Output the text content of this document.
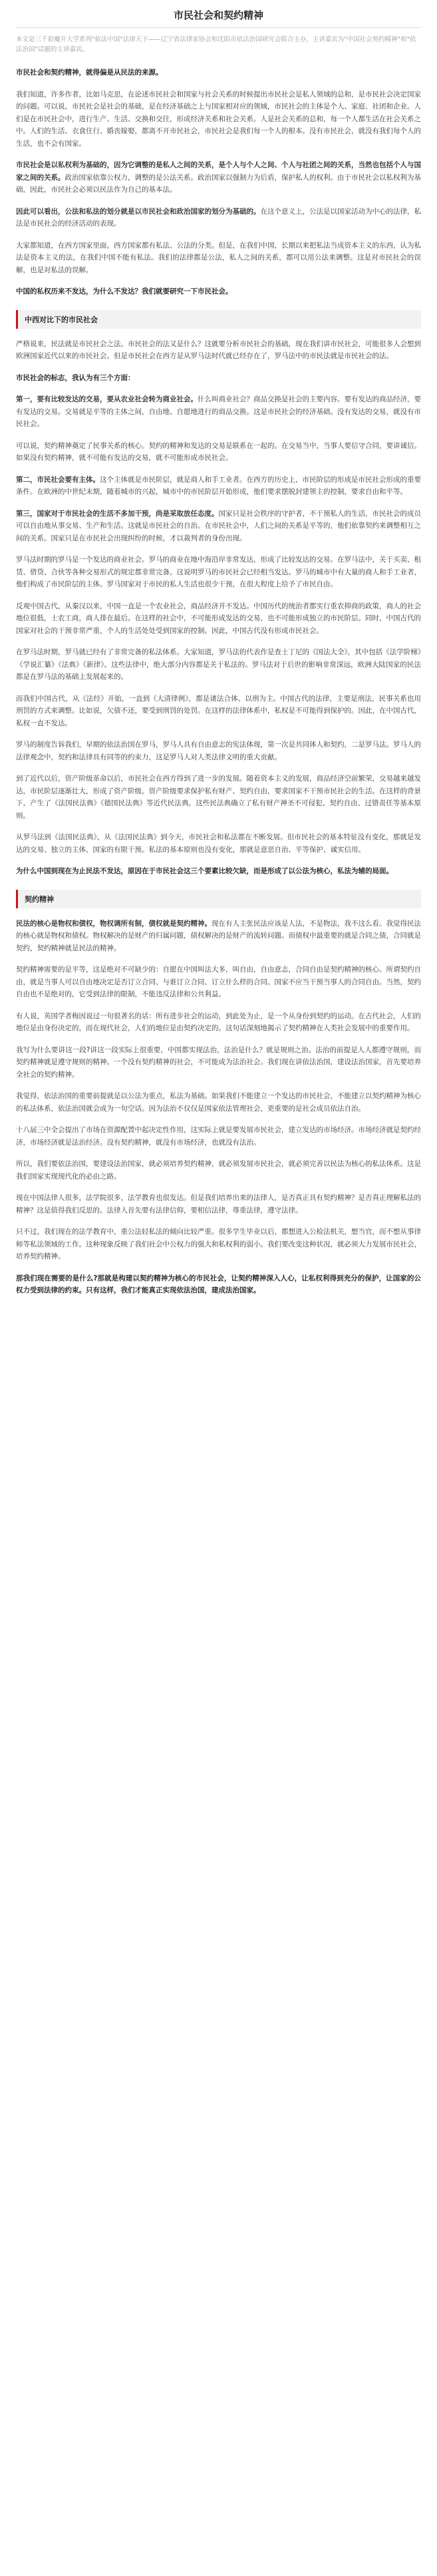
市民社会和契约精神
本文是三千彩魔开大学系列"依法中国"法律天下——辽宁省法律家协会和沈阳市依法治国研究会联合主办，主讲嘉宾为"中国社会契约精神"和"依法治国"话题的主讲嘉宾。

市民社会和契约精神，就得偏是从民法的来源。

我们知道，许多作者，比如马克思，在论述市民社会和国家与社会关系的时候提出市民社会是私人领域的总和，是市民社会决定国家的问题。可以说，市民社会是社会的基础，是在经济基础之上与国家相对应的领域，市民社会的主体是个人、家庭、社团和企业。人们是在市民社会中，进行生产、生活、交换和交往，形成经济关系和社会关系。人是社会关系的总和，每一个人都生活在社会关系之中。人们的生活、衣食住行、婚丧嫁娶，都离不开市民社会，市民社会是我们每一个人的根本。没有市民社会，就没有我们每个人的生活，也不会有国家。

市民社会是以私权利为基础的，因为它调整的是私人之间的关系，是个人与个人之间、个人与社团之间的关系，当然也包括个人与国家之间的关系。政治国家依靠公权力，调整的是公法关系。政治国家以强制力为后盾，保护私人的权利。由于市民社会以私权利为基础，因此，市民社会必须以民法作为自己的基本法。

因此可以看出，公法和私法的划分就是以市民社会和政治国家的划分为基础的。在这个意义上，公法是以国家活动为中心的法律，私法是市民社会的经济活动的表现。

大家都知道，在西方国家里面，西方国家都有私法、公法的分类。但是，在我们中国，长期以来把私法当成资本主义的东西，认为私法是资本主义的法，在我们中国不能有私法。我们的法律都是公法，私人之间的关系，都可以用公法来调整。这是对市民社会的误解，也是对私法的误解。

中国的私权历来不发达，为什么不发达？我们就要研究一下市民社会。

中西对比下的市民社会

严格说来，民法就是市民社会之法。市民社会的法又是什么？这就要分析市民社会的基础，现在我们讲市民社会，可能很多人会想到欧洲国家近代以来的市民社会。但是市民社会在西方是从罗马法时代就已经存在了，罗马法中的市民法就是市民社会的法。

市民社会的标志，我认为有三个方面：

第一，要有比较发达的交易，要从农业社会转为商业社会。什么叫商业社会？商品交换是社会的主要内容。要有发达的商品经济，要有发达的交易。交易就是平等的主体之间，自由地、自愿地进行的商品交换。这是市民社会的经济基础。没有发达的交易，就没有市民社会。

可以说，契约精神奠定了民事关系的核心。契约的精神和发达的交易是联系在一起的。在交易当中，当事人要信守合同，要讲诚信。如果没有契约精神，就不可能有发达的交易，就不可能形成市民社会。

第二，市民社会要有主体。这个主体就是市民阶层，就是商人和手工业者。在西方的历史上，市民阶层的形成是市民社会形成的重要条件。在欧洲的中世纪末期，随着城市的兴起，城市中的市民阶层开始形成，他们要求摆脱封建领主的控制，要求自由和平等。

第三，国家对于市民社会的生活不多加干预，尚是采取放任态度。国家只是社会秩序的守护者，不干预私人的生活，市民社会的成员可以自由地从事交易、生产和生活。这就是市民社会的自治。在市民社会中，人们之间的关系是平等的，他们依靠契约来调整相互之间的关系。国家只是在市民社会出现纠纷的时候，才以裁判者的身份出现。

罗马法时期的罗马是一个发达的商业社会。罗马的商业在地中海沿岸非常发达，形成了比较发达的交易。在罗马法中，关于买卖、租赁、借贷、合伙等各种交易形式的规定都非常完备。这说明罗马的市民社会已经相当发达。罗马的城市中有大量的商人和手工业者，他们构成了市民阶层的主体。罗马国家对于市民的私人生活也很少干预，在很大程度上给予了市民自由。

反观中国古代，从秦汉以来，中国一直是一个农业社会，商品经济并不发达。中国历代的统治者都实行重农抑商的政策，商人的社会地位很低，士农工商，商人排在最后。在这样的社会中，不可能形成发达的交易，也不可能形成独立的市民阶层。同时，中国古代的国家对社会的干预非常严重，个人的生活处处受到国家的控制。因此，中国古代没有形成市民社会。

在罗马法时期，罗马就已经有了非常完备的私法体系。大家知道，罗马法的代表作是查士丁尼的《国法大全》，其中包括《法学阶梯》《学说汇纂》《法典》《新律》。这些法律中，绝大部分内容都是关于私法的。罗马法对于后世的影响非常深远，欧洲大陆国家的民法都是在罗马法的基础上发展起来的。

而我们中国古代，从《法经》开始，一直到《大清律例》，都是诸法合体、以刑为主。中国古代的法律，主要是刑法，民事关系也用刑罚的方式来调整。比如说，欠债不还，要受到刑罚的处罚。在这样的法律体系中，私权是不可能得到保护的。因此，在中国古代，私权一直不发达。

罗马的制度告诉我们，早期的依法治国在罗马，罗马人具有自由意志的宪法体现，第一次是共同体人和契约，二是罗马法。罗马人的法律观念中，契约和法律具有同等的约束力，这是罗马人对人类法律文明的重大贡献。

到了近代以后，资产阶级革命以后，市民社会在西方得到了进一步的发展。随着资本主义的发展，商品经济空前繁荣，交易越来越发达，市民阶层逐渐壮大，形成了资产阶级。资产阶级要求保护私有财产、契约自由，要求国家不干预市民社会的生活。在这样的背景下，产生了《法国民法典》《德国民法典》等近代民法典，这些民法典确立了私有财产神圣不可侵犯、契约自由、过错责任等基本原则。

从罗马法到《法国民法典》，从《法国民法典》到今天，市民社会和私法都在不断发展。但市民社会的基本特征没有变化，那就是发达的交易、独立的主体、国家的有限干预。私法的基本原则也没有变化，那就是意思自治、平等保护、诚实信用。

为什么中国到现在为止民法不发达，原因在于市民社会这三个要素比较欠缺，而是形成了以公法为核心，私法为辅的局面。

契约精神

民法的核心是物权和债权，物权调所有制，债权就是契约精神。现在有人主张民法应该是人法，不是物法，我不这么看。我觉得民法的核心就是物权和债权。物权解决的是财产的归属问题，债权解决的是财产的流转问题。而债权中最重要的就是合同之债，合同就是契约，契约精神就是民法的精神。

契约精神需要的是平等，这是绝对不可缺少的：自愿在中国叫法大多，叫自由，自由意志，合同自由是契约精神的核心。所谓契约自由，就是当事人可以自由地决定是否订立合同、与谁订立合同、订立什么样的合同。国家不应当干预当事人的合同自由。当然，契约自由也不是绝对的，它受到法律的限制，不能违反法律和公共利益。

有人说，英国学者梅因说过一句很著名的话：所有进步社会的运动，到此处为止，是一个从身份到契约的运动。在古代社会，人们的地位是由身份决定的，而在现代社会，人们的地位是由契约决定的。这句话深刻地揭示了契约精神在人类社会发展中的重要作用。

我写为什么要讲这一段?讲这一段实际上很重要，中国都实现法治，法治是什么？就是规则之治。法治的前提是人人都遵守规则，而契约精神就是遵守规则的精神。一个没有契约精神的社会，不可能成为法治社会。我们现在讲依法治国，建设法治国家，首先要培养全社会的契约精神。

我觉得，依法治国的重要前提就是以公法为重点，私法为基础。如果我们不能建立一个发达的市民社会，不能建立以契约精神为核心的私法体系，依法治国就会成为一句空话。因为法治不仅仅是国家依法管理社会，更重要的是社会成员依法自治。

十八届三中全会提出了市场在资源配置中起决定性作用，这实际上就是要发展市民社会，建立发达的市场经济。市场经济就是契约经济，市场经济就是法治经济。没有契约精神，就没有市场经济，也就没有法治。

所以，我们要依法治国，要建设法治国家，就必须培养契约精神，就必须发展市民社会，就必须完善以民法为核心的私法体系。这是我们国家实现现代化的必由之路。

现在中国法律人很多，法学院很多，法学教育也很发达。但是我们培养出来的法律人，是否真正具有契约精神？是否真正理解私法的精神？这是值得我们反思的。法律人首先要有法律信仰，要相信法律，尊重法律，遵守法律。

只不过，我们现在的法学教育中，重公法轻私法的倾向比较严重。很多学生毕业以后，都想进入公检法机关，想当官，而不想从事律师等私法领域的工作。这种现象反映了我们社会中公权力的强大和私权利的弱小。我们要改变这种状况，就必须大力发展市民社会，培养契约精神。

那我们现在需要的是什么?那就是构建以契约精神为核心的市民社会，让契约精神深入人心，让私权利得到充分的保护，让国家的公权力受到法律的约束。只有这样，我们才能真正实现依法治国，建成法治国家。
